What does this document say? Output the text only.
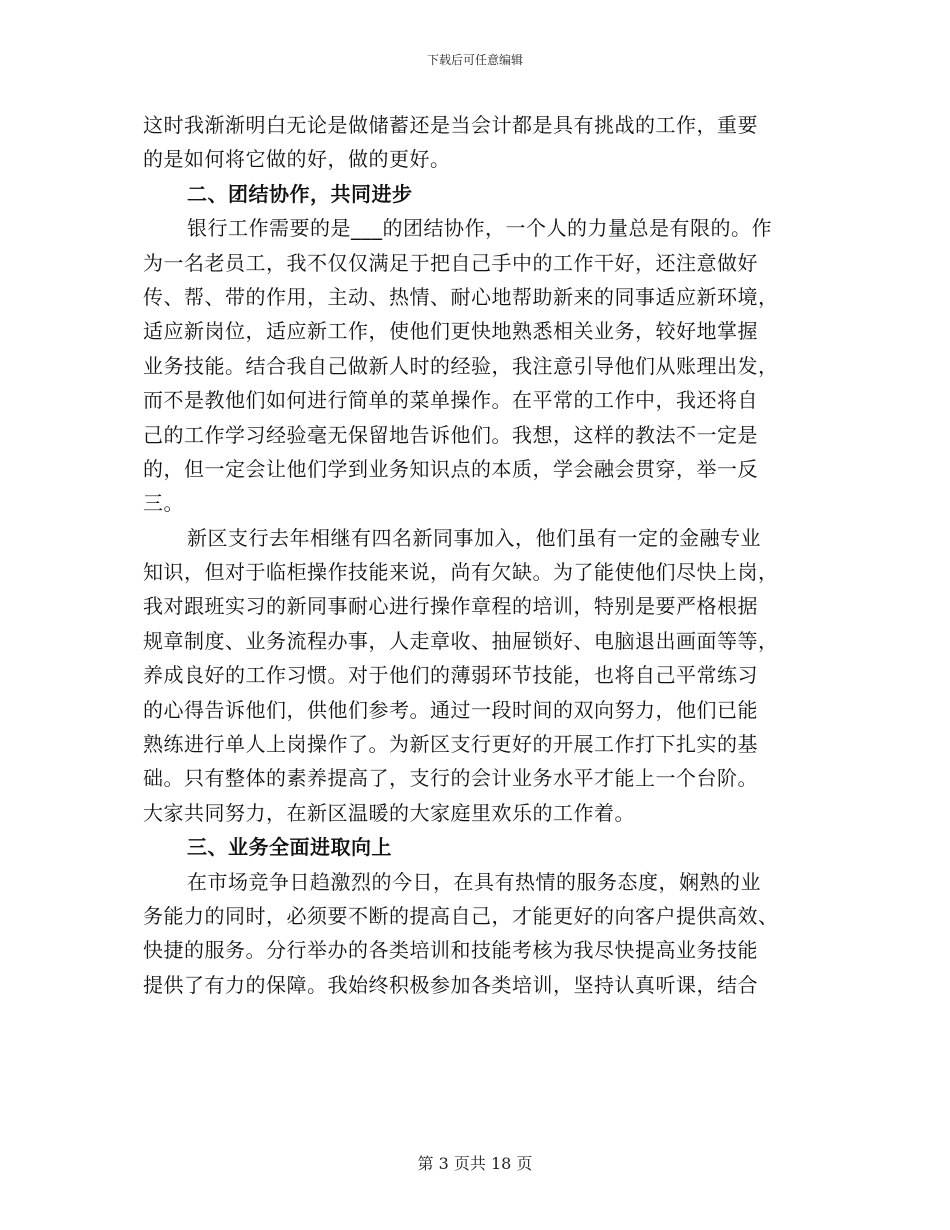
下载后可任意编辑
这时我渐渐明白无论是做储蓄还是当会计都是具有挑战的工作，重要
的是如何将它做的好，做的更好。
二、团结协作，共同进步
银行工作需要的是___的团结协作，一个人的力量总是有限的。作
为一名老员工，我不仅仅满足于把自己手中的工作干好，还注意做好
传、帮、带的作用，主动、热情、耐心地帮助新来的同事适应新环境，
适应新岗位，适应新工作，使他们更快地熟悉相关业务，较好地掌握
业务技能。结合我自己做新人时的经验，我注意引导他们从账理出发，
而不是教他们如何进行简单的菜单操作。在平常的工作中，我还将自
己的工作学习经验毫无保留地告诉他们。我想，这样的教法不一定是
的，但一定会让他们学到业务知识点的本质，学会融会贯穿，举一反
三。
新区支行去年相继有四名新同事加入，他们虽有一定的金融专业
知识，但对于临柜操作技能来说，尚有欠缺。为了能使他们尽快上岗，
我对跟班实习的新同事耐心进行操作章程的培训，特别是要严格根据
规章制度、业务流程办事，人走章收、抽屉锁好、电脑退出画面等等，
养成良好的工作习惯。对于他们的薄弱环节技能，也将自己平常练习
的心得告诉他们，供他们参考。通过一段时间的双向努力，他们已能
熟练进行单人上岗操作了。为新区支行更好的开展工作打下扎实的基
础。只有整体的素养提高了，支行的会计业务水平才能上一个台阶。
大家共同努力，在新区温暖的大家庭里欢乐的工作着。
三、业务全面进取向上
在市场竞争日趋激烈的今日，在具有热情的服务态度，娴熟的业
务能力的同时，必须要不断的提高自己，才能更好的向客户提供高效、
快捷的服务。分行举办的各类培训和技能考核为我尽快提高业务技能
提供了有力的保障。我始终积极参加各类培训，坚持认真听课，结合
第 3 页共 18 页
